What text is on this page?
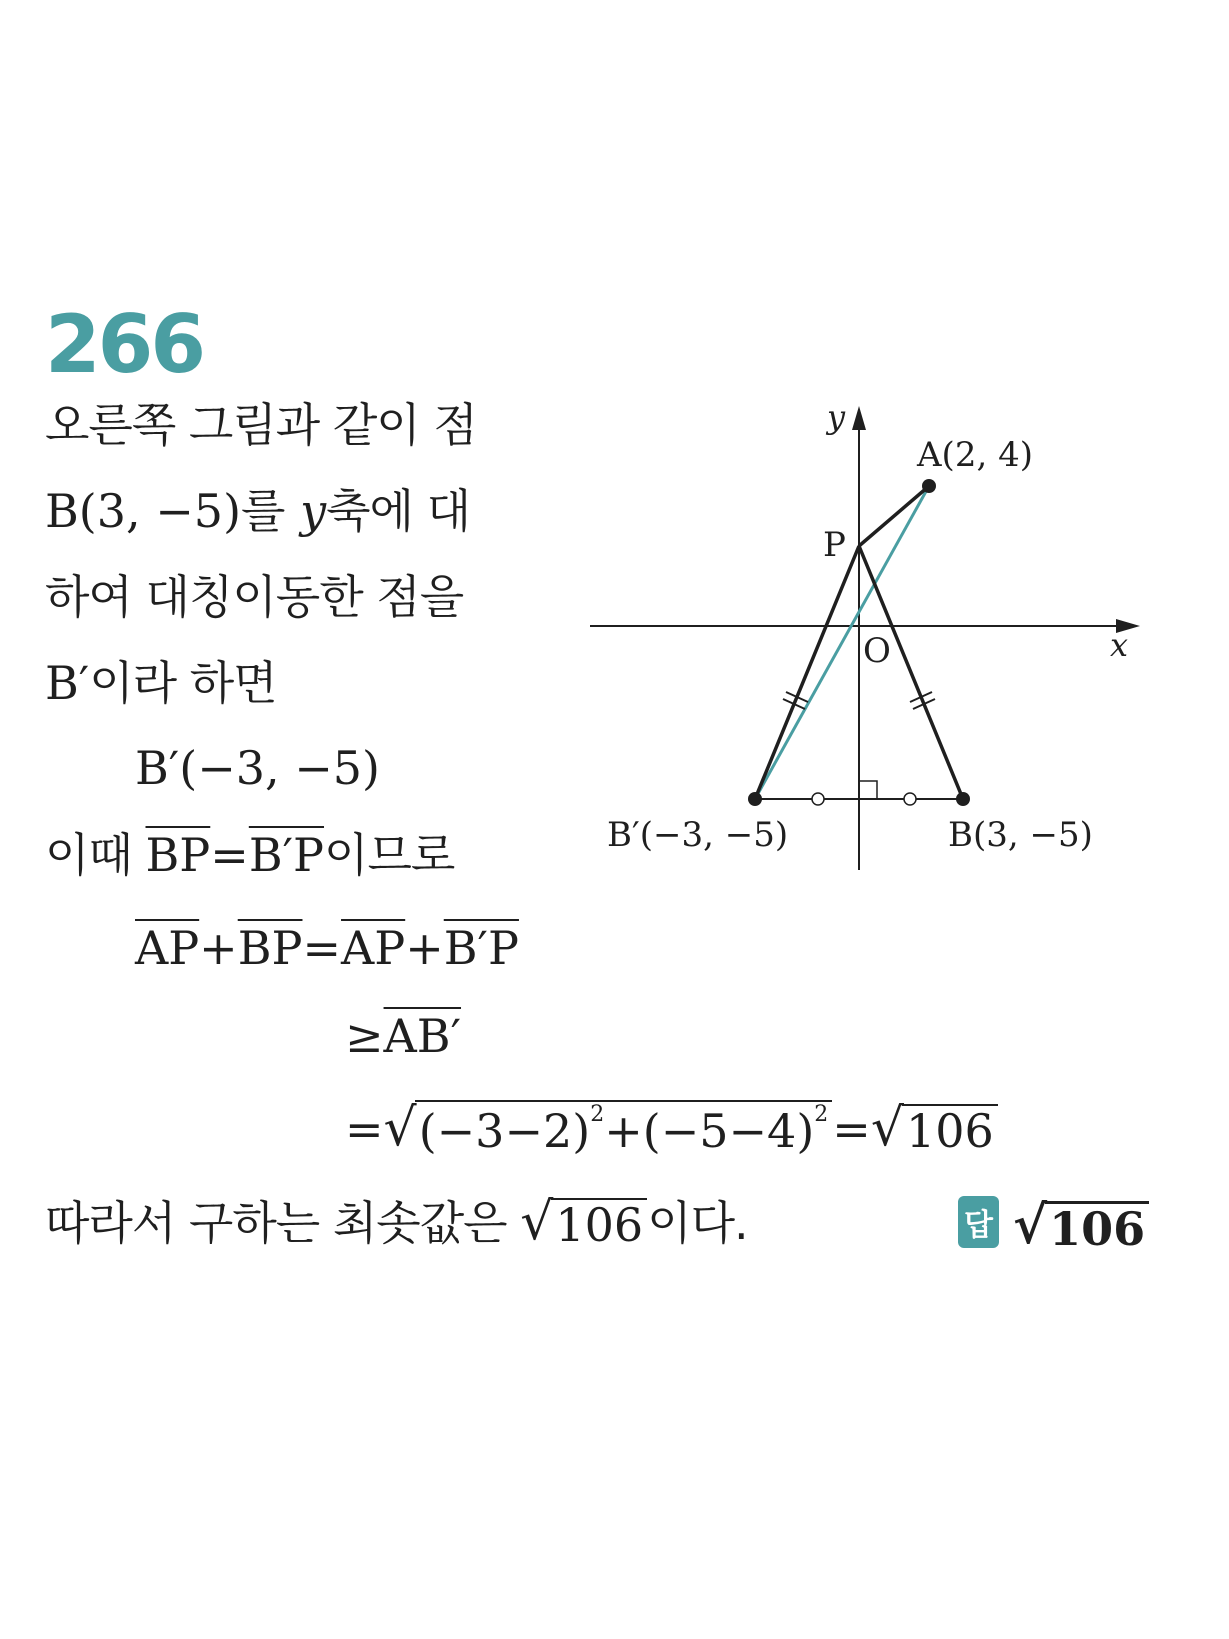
266
오른쪽 그림과 같이 점
B(3, −5)를 y축에 대
하여 대칭이동한 점을
B′이라 하면
B′(−3, −5)
이때 $\overline{BP}=B'P$이므로
$\overline{AP}+\overline{BP}=\overline{AP}+B'P$
≥AB′
= √ $(-3-2)^2+(-5-4)^2$ = √ 106
따라서 구하는 최솟값은 √ 106 이다.	답 √ 106
y
x
O
A(2, 4)
P
B′(−3, −5)	B(3, −5)
